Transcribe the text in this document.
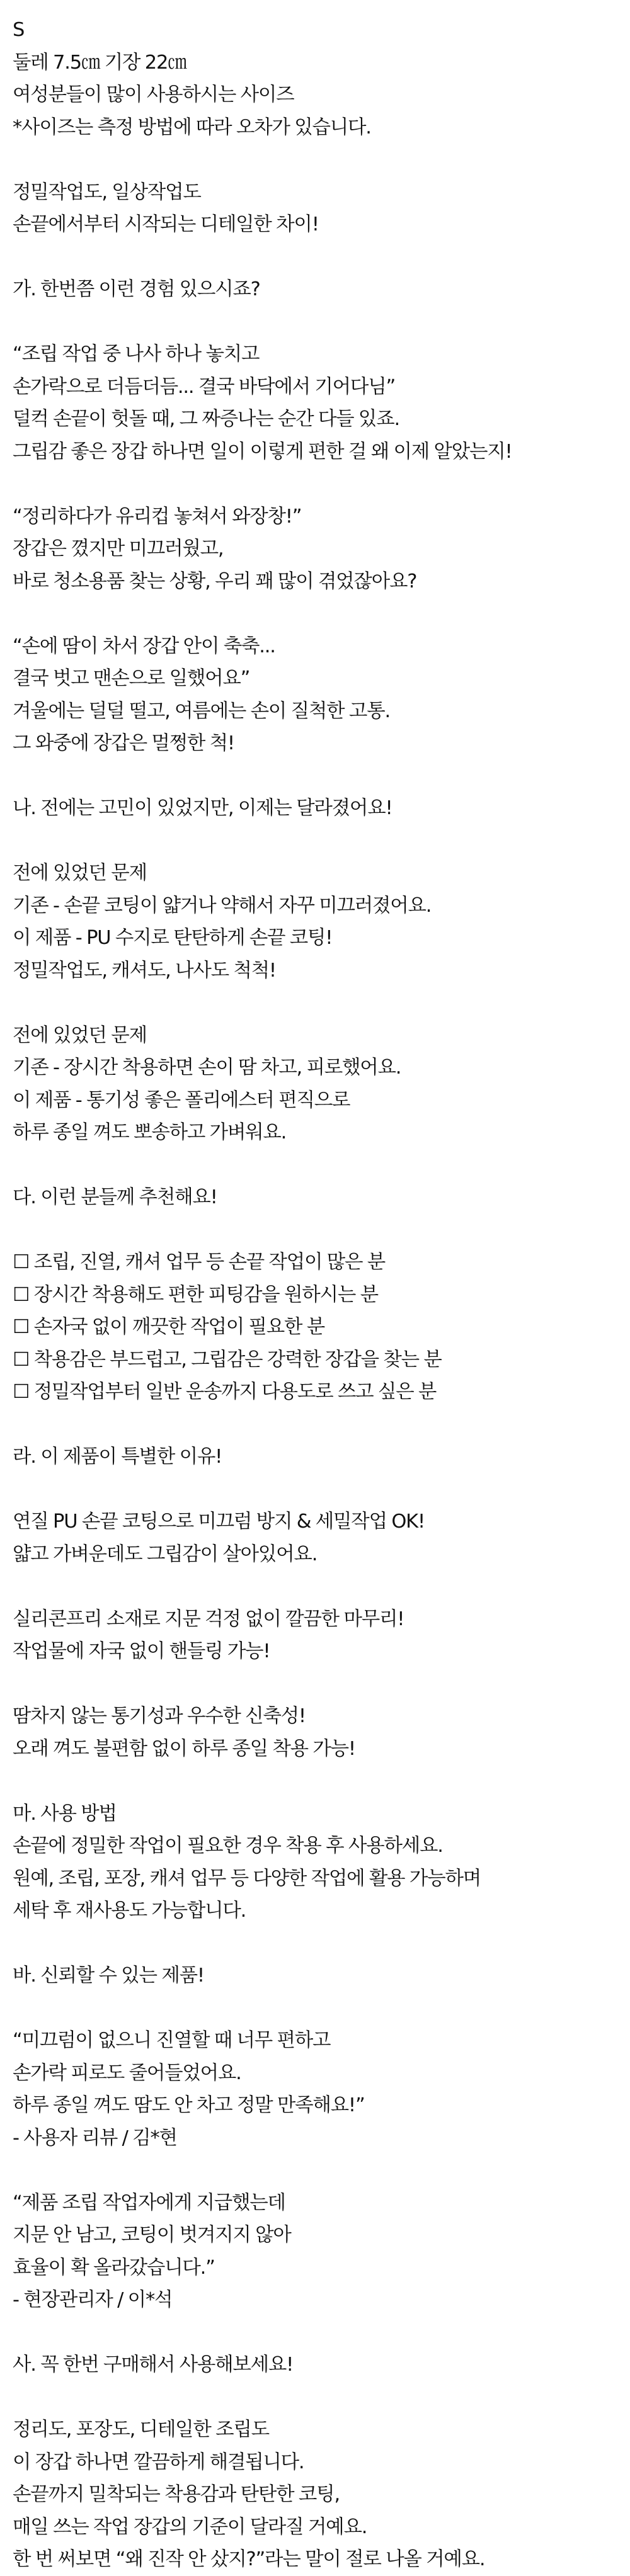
S
둘레 7.5㎝ 기장 22㎝
여성분들이 많이 사용하시는 사이즈
*사이즈는 측정 방법에 따라 오차가 있습니다.
정밀작업도, 일상작업도
손끝에서부터 시작되는 디테일한 차이!
가. 한번쯤 이런 경험 있으시죠?
“조립 작업 중 나사 하나 놓치고
손가락으로 더듬더듬... 결국 바닥에서 기어다님”
덜컥 손끝이 헛돌 때, 그 짜증나는 순간 다들 있죠.
그립감 좋은 장갑 하나면 일이 이렇게 편한 걸 왜 이제 알았는지!
“정리하다가 유리컵 놓쳐서 와장창!”
장갑은 꼈지만 미끄러웠고,
바로 청소용품 찾는 상황, 우리 꽤 많이 겪었잖아요?
“손에 땀이 차서 장갑 안이 축축...
결국 벗고 맨손으로 일했어요”
겨울에는 덜덜 떨고, 여름에는 손이 질척한 고통.
그 와중에 장갑은 멀쩡한 척!
나. 전에는 고민이 있었지만, 이제는 달라졌어요!
전에 있었던 문제
기존 - 손끝 코팅이 얇거나 약해서 자꾸 미끄러졌어요.
이 제품 - PU 수지로 탄탄하게 손끝 코팅!
정밀작업도, 캐셔도, 나사도 척척!
전에 있었던 문제
기존 - 장시간 착용하면 손이 땀 차고, 피로했어요.
이 제품 - 통기성 좋은 폴리에스터 편직으로
하루 종일 껴도 뽀송하고 가벼워요.
다. 이런 분들께 추천해요!
☐ 조립, 진열, 캐셔 업무 등 손끝 작업이 많은 분
☐ 장시간 착용해도 편한 피팅감을 원하시는 분
☐ 손자국 없이 깨끗한 작업이 필요한 분
☐ 착용감은 부드럽고, 그립감은 강력한 장갑을 찾는 분
☐ 정밀작업부터 일반 운송까지 다용도로 쓰고 싶은 분
라. 이 제품이 특별한 이유!
연질 PU 손끝 코팅으로 미끄럼 방지 & 세밀작업 OK!
얇고 가벼운데도 그립감이 살아있어요.
실리콘프리 소재로 지문 걱정 없이 깔끔한 마무리!
작업물에 자국 없이 핸들링 가능!
땀차지 않는 통기성과 우수한 신축성!
오래 껴도 불편함 없이 하루 종일 착용 가능!
마. 사용 방법
손끝에 정밀한 작업이 필요한 경우 착용 후 사용하세요.
원예, 조립, 포장, 캐셔 업무 등 다양한 작업에 활용 가능하며
세탁 후 재사용도 가능합니다.
바. 신뢰할 수 있는 제품!
“미끄럼이 없으니 진열할 때 너무 편하고
손가락 피로도 줄어들었어요.
하루 종일 껴도 땀도 안 차고 정말 만족해요!”
- 사용자 리뷰 / 김*현
“제품 조립 작업자에게 지급했는데
지문 안 남고, 코팅이 벗겨지지 않아
효율이 확 올라갔습니다.”
- 현장관리자 / 이*석
사. 꼭 한번 구매해서 사용해보세요!
정리도, 포장도, 디테일한 조립도
이 장갑 하나면 깔끔하게 해결됩니다.
손끝까지 밀착되는 착용감과 탄탄한 코팅,
매일 쓰는 작업 장갑의 기준이 달라질 거예요.
한 번 써보면 “왜 진작 안 샀지?”라는 말이 절로 나올 거예요.
